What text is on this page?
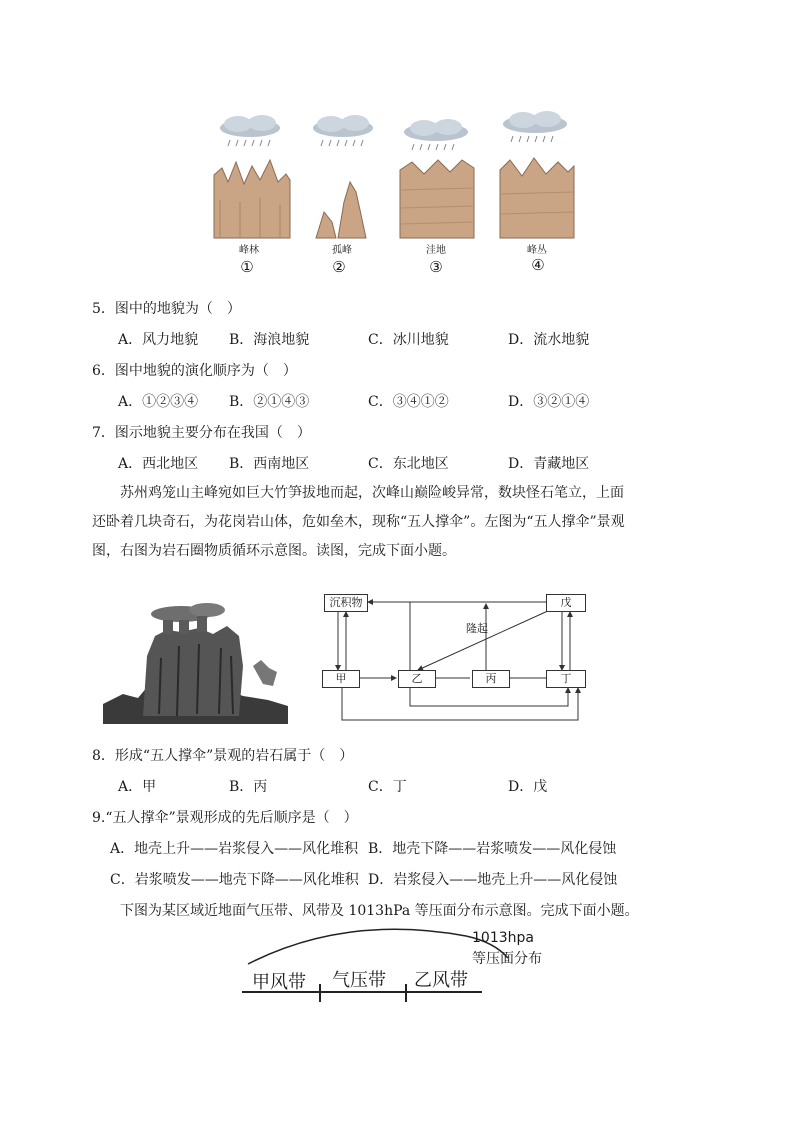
峰林	孤峰	洼地	峰丛
①	②	③	④
5．图中的地貌为（　）
A．风力地貌 B．海浪地貌	C．冰川地貌	D．流水地貌
6．图中地貌的演化顺序为（　）
A．①②③④ B．②①④③	C．③④①②	D．③②①④
7．图示地貌主要分布在我国（　）
A．西北地区 B．西南地区	C．东北地区	D．青藏地区
苏州鸡笼山主峰宛如巨大竹笋拔地而起，次峰山巅险峻异常，数块怪石笔立，上面还卧着几块奇石，为花岗岩山体，危如垒木，现称“五人撑伞”。左图为“五人撑伞”景观图，右图为岩石圈物质循环示意图。读图，完成下面小题。
沉积物	戊
甲	乙	丙	丁
隆起
8．形成“五人撑伞”景观的岩石属于（　）
A．甲	B．丙	C．丁	D．戊
9.“五人撑伞”景观形成的先后顺序是（　）
A．地壳上升——岩浆侵入——风化堆积 B．地壳下降——岩浆喷发——风化侵蚀
C．岩浆喷发——地壳下降——风化堆积 D．岩浆侵入——地壳上升——风化侵蚀
下图为某区域近地面气压带、风带及 1013hPa 等压面分布示意图。完成下面小题。
1013hpa
等压面分布
甲风带 气压带 乙风带
